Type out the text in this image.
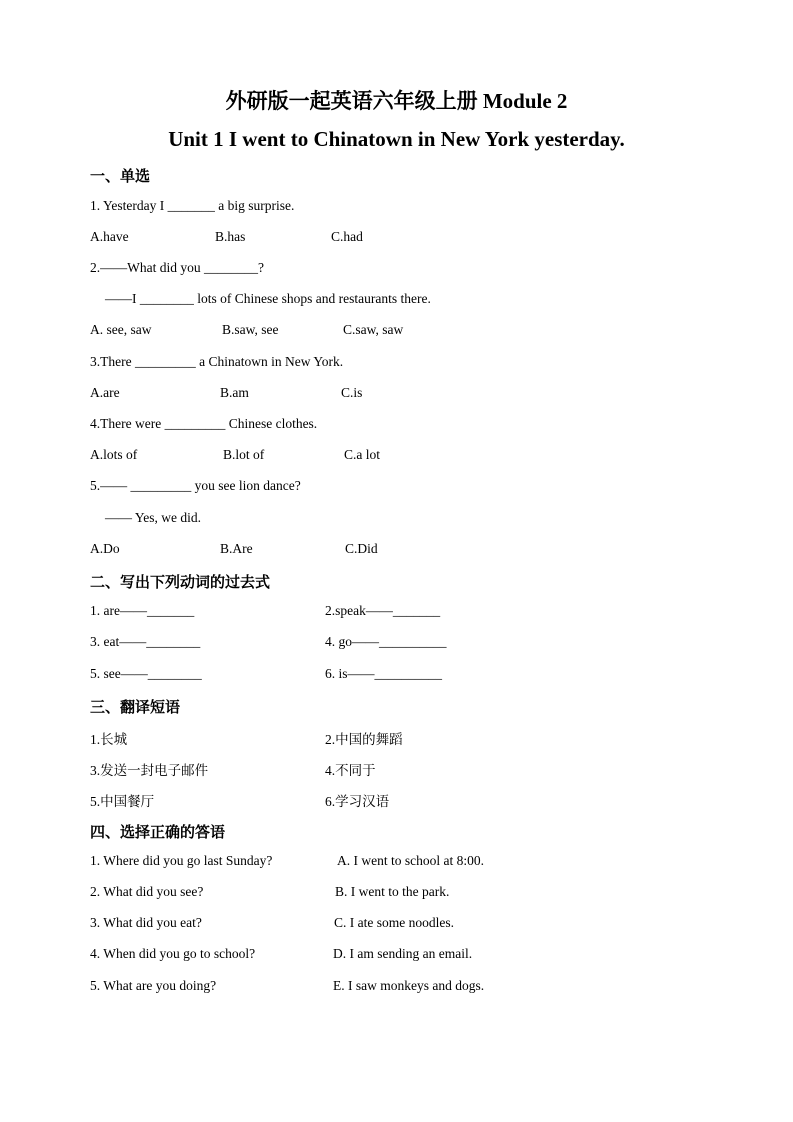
外研版一起英语六年级上册 Module 2
Unit 1 I went to Chinatown in New York yesterday.
一、单选
1. Yesterday I _______ a big surprise.
A.have	B.has	C.had
2.——What did you ________?
——I ________ lots of Chinese shops and restaurants there.
A. see, saw	B.saw, see	C.saw, saw
3.There _________ a Chinatown in New York.
A.are	B.am	C.is
4.There were _________ Chinese clothes.
A.lots of	B.lot of	C.a lot
5.—— _________ you see lion dance?
—— Yes, we did.
A.Do	B.Are	C.Did
二、写出下列动词的过去式
1. are——_______	2.speak——_______
3. eat——________	4. go——__________
5. see——________	6. is——__________
三、翻译短语
1.长城	2.中国的舞蹈
3.发送一封电子邮件	4.不同于
5.中国餐厅	6.学习汉语
四、选择正确的答语
1. Where did you go last Sunday?	A. I went to school at 8:00.
2. What did you see?	B. I went to the park.
3. What did you eat?	C. I ate some noodles.
4. When did you go to school?	D. I am sending an email.
5. What are you doing?	E. I saw monkeys and dogs.
